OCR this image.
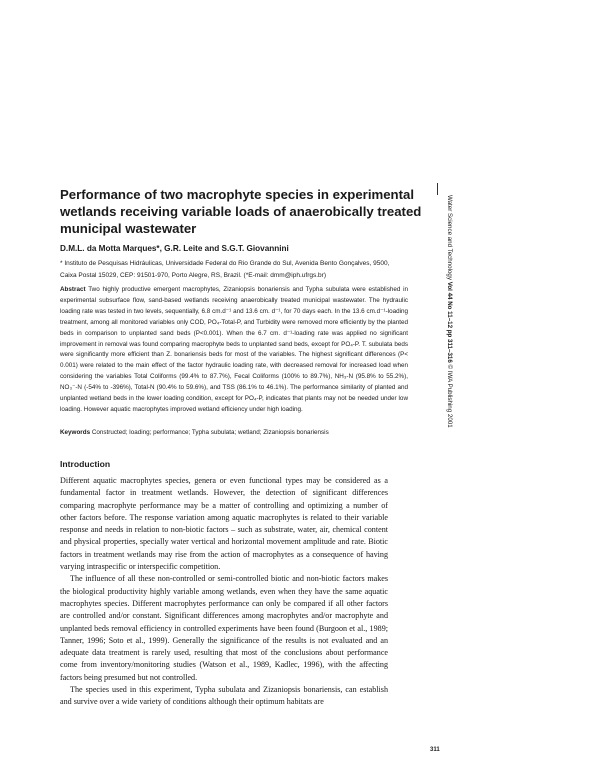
Performance of two macrophyte species in experimental wetlands receiving variable loads of anaerobically treated municipal wastewater

D.M.L. da Motta Marques*, G.R. Leite and S.G.T. Giovannini

* Instituto de Pesquisas Hidráulicas, Universidade Federal do Rio Grande do Sul, Avenida Bento Gonçalves, 9500, Caixa Postal 15029, CEP: 91501-970, Porto Alegre, RS, Brazil. (*E-mail: dmm@iph.ufrgs.br)

Abstract Two highly productive emergent macrophytes, Zizaniopsis bonariensis and Typha subulata were established in experimental subsurface flow, sand-based wetlands receiving anaerobically treated municipal wastewater. The hydraulic loading rate was tested in two levels, sequentially, 6.8 cm.d⁻¹ and 13.6 cm. d⁻¹, for 70 days each. In the 13.6 cm.d⁻¹-loading treatment, among all monitored variables only COD, PO₄-Total-P, and Turbidity were removed more efficiently by the planted beds in comparison to unplanted sand beds (P<0.001). When the 6.7 cm. d⁻¹-loading rate was applied no significant improvement in removal was found comparing macrophyte beds to unplanted sand beds, except for PO₄-P. T. subulata beds were significantly more efficient than Z. bonariensis beds for most of the variables. The highest significant differences (P< 0.001) were related to the main effect of the factor hydraulic loading rate, with decreased removal for increased load when considering the variables Total Coliforms (99.4% to 87.7%), Fecal Coliforms (100% to 89.7%), NH₃-N (95.8% to 55.2%), NO₃⁻-N (-54% to -396%), Total-N (90.4% to 59.6%), and TSS (86.1% to 46.1%). The performance similarity of planted and unplanted wetland beds in the lower loading condition, except for PO₄-P, indicates that plants may not be needed under low loading. However aquatic macrophytes improved wetland efficiency under high loading.

Keywords Constructed; loading; performance; Typha subulata; wetland; Zizaniopsis bonariensis

Introduction

Different aquatic macrophytes species, genera or even functional types may be considered as a fundamental factor in treatment wetlands. However, the detection of significant differences comparing macrophyte performance may be a matter of controlling and optimizing a number of other factors before. The response variation among aquatic macrophytes is related to their variable response and needs in relation to non-biotic factors – such as substrate, water, air, chemical content and physical properties, specially water vertical and horizontal movement amplitude and rate. Biotic factors in treatment wetlands may rise from the action of macrophytes as a consequence of having varying intraspecific or interspecific competition.

The influence of all these non-controlled or semi-controlled biotic and non-biotic factors makes the biological productivity highly variable among wetlands, even when they have the same aquatic macrophytes species. Different macrophytes performance can only be compared if all other factors are controlled and/or constant. Significant differences among macrophytes and/or macrophyte and unplanted beds removal efficiency in controlled experiments have been found (Burgoon et al., 1989; Tanner, 1996; Soto et al., 1999). Generally the significance of the results is not evaluated and an adequate data treatment is rarely used, resulting that most of the conclusions about performance come from inventory/monitoring studies (Watson et al., 1989, Kadlec, 1996), with the affecting factors being presumed but not controlled.

The species used in this experiment, Typha subulata and Zizaniopsis bonariensis, can establish and survive over a wide variety of conditions although their optimum habitats are

Water Science and Technology Vol 44 No 11–12 pp 311–316 © IWA Publishing 2001

311
